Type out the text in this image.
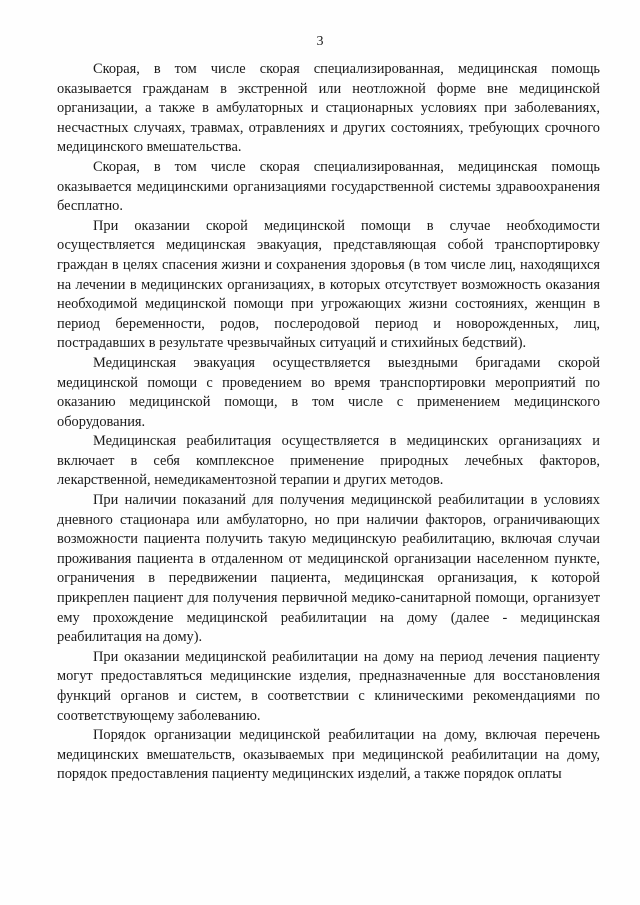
3

Скорая, в том числе скорая специализированная, медицинская помощь оказывается гражданам в экстренной или неотложной форме вне медицинской организации, а также в амбулаторных и стационарных условиях при заболеваниях, несчастных случаях, травмах, отравлениях и других состояниях, требующих срочного медицинского вмешательства.

Скорая, в том числе скорая специализированная, медицинская помощь оказывается медицинскими организациями государственной системы здравоохранения бесплатно.

При оказании скорой медицинской помощи в случае необходимости осуществляется медицинская эвакуация, представляющая собой транспортировку граждан в целях спасения жизни и сохранения здоровья (в том числе лиц, находящихся на лечении в медицинских организациях, в которых отсутствует возможность оказания необходимой медицинской помощи при угрожающих жизни состояниях, женщин в период беременности, родов, послеродовой период и новорожденных, лиц, пострадавших в результате чрезвычайных ситуаций и стихийных бедствий).

Медицинская эвакуация осуществляется выездными бригадами скорой медицинской помощи с проведением во время транспортировки мероприятий по оказанию медицинской помощи, в том числе с применением медицинского оборудования.

Медицинская реабилитация осуществляется в медицинских организациях и включает в себя комплексное применение природных лечебных факторов, лекарственной, немедикаментозной терапии и других методов.

При наличии показаний для получения медицинской реабилитации в условиях дневного стационара или амбулаторно, но при наличии факторов, ограничивающих возможности пациента получить такую медицинскую реабилитацию, включая случаи проживания пациента в отдаленном от медицинской организации населенном пункте, ограничения в передвижении пациента, медицинская организация, к которой прикреплен пациент для получения первичной медико-санитарной помощи, организует ему прохождение медицинской реабилитации на дому (далее - медицинская реабилитация на дому).

При оказании медицинской реабилитации на дому на период лечения пациенту могут предоставляться медицинские изделия, предназначенные для восстановления функций органов и систем, в соответствии с клиническими рекомендациями по соответствующему заболеванию.

Порядок организации медицинской реабилитации на дому, включая перечень медицинских вмешательств, оказываемых при медицинской реабилитации на дому, порядок предоставления пациенту медицинских изделий, а также порядок оплаты
